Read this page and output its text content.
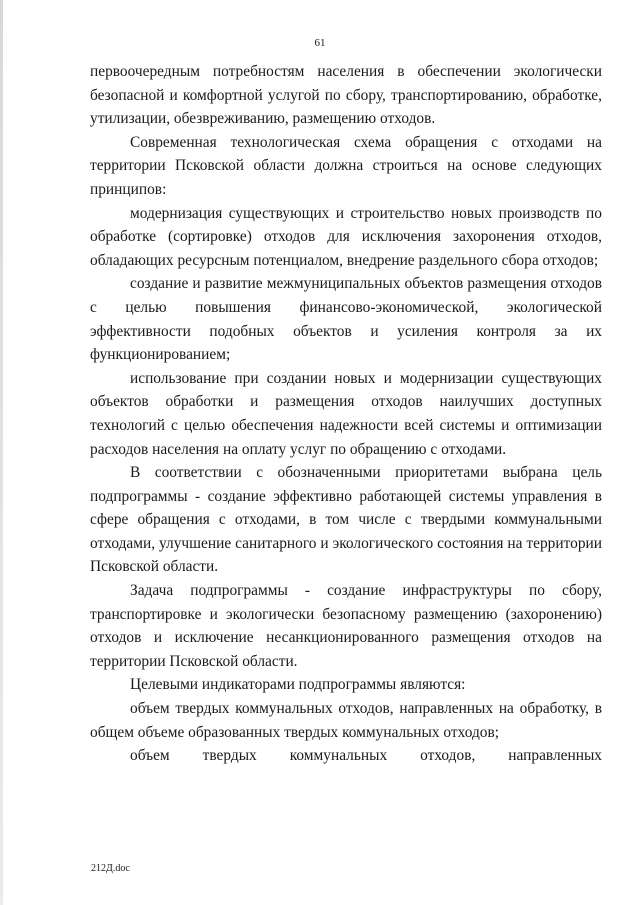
61

первоочередным потребностям населения в обеспечении экологически безопасной и комфортной услугой по сбору, транспортированию, обработке, утилизации, обезвреживанию, размещению отходов.

Современная технологическая схема обращения с отходами на территории Псковской области должна строиться на основе следующих принципов:

модернизация существующих и строительство новых производств по обработке (сортировке) отходов для исключения захоронения отходов, обладающих ресурсным потенциалом, внедрение раздельного сбора отходов;

создание и развитие межмуниципальных объектов размещения отходов с целью повышения финансово-экономической, экологической эффективности подобных объектов и усиления контроля за их функционированием;

использование при создании новых и модернизации существующих объектов обработки и размещения отходов наилучших доступных технологий с целью обеспечения надежности всей системы и оптимизации расходов населения на оплату услуг по обращению с отходами.

В соответствии с обозначенными приоритетами выбрана цель подпрограммы - создание эффективно работающей системы управления в сфере обращения с отходами, в том числе с твердыми коммунальными отходами, улучшение санитарного и экологического состояния на территории Псковской области.

Задача подпрограммы - создание инфраструктуры по сбору, транспортировке и экологически безопасному размещению (захоронению) отходов и исключение несанкционированного размещения отходов на территории Псковской области.

Целевыми индикаторами подпрограммы являются:

объем твердых коммунальных отходов, направленных на обработку, в общем объеме образованных твердых коммунальных отходов;

объем твердых коммунальных отходов, направленных

212Д.doc
